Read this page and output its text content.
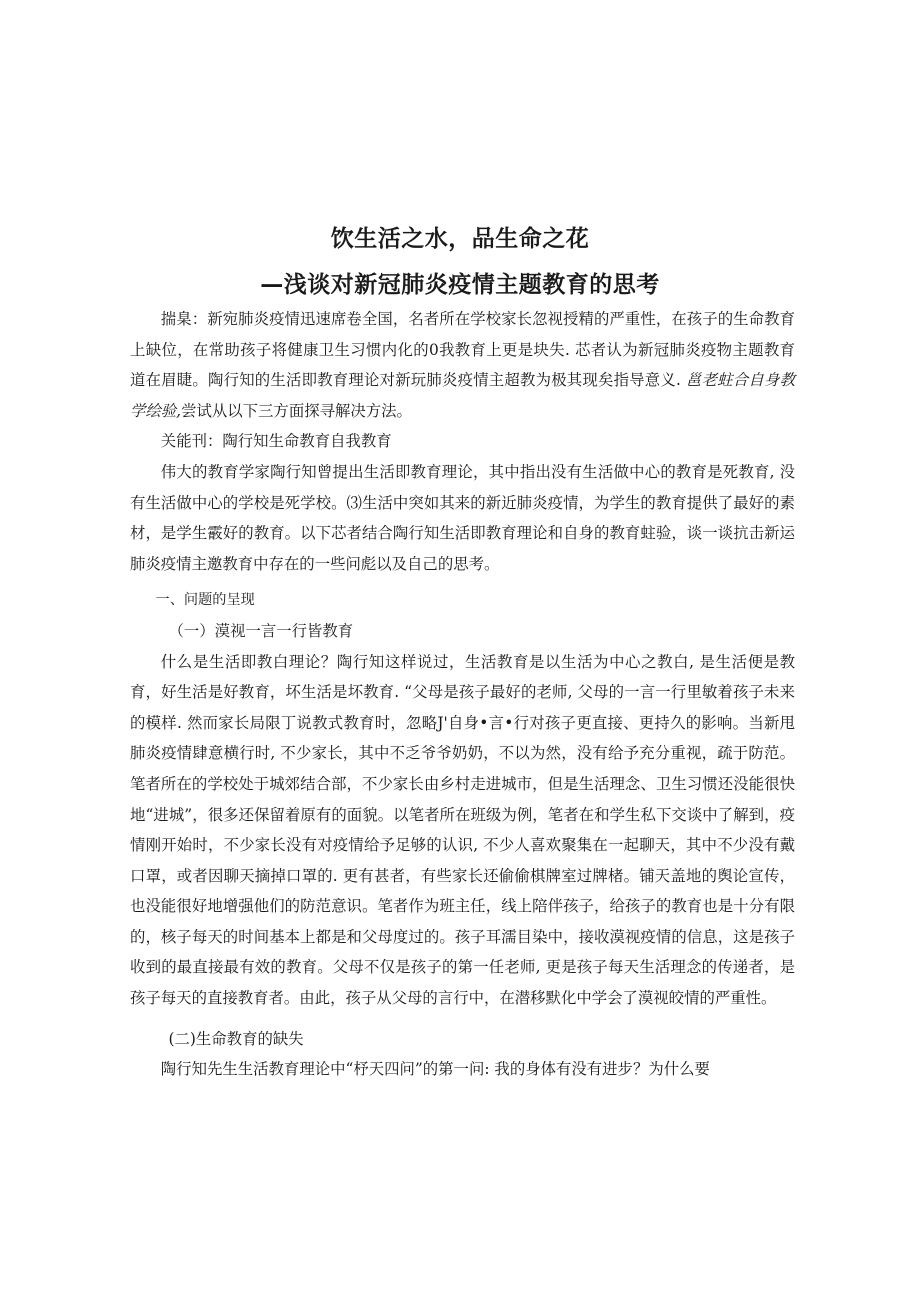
饮生活之水，品生命之花
—浅谈对新冠肺炎疫情主题教育的思考

揣臬：新宛肺炎疫情迅速席卷全国，名者所在学校家长忽视授精的严重性，在孩子的生命教育上缺位，在常助孩子将健康卫生习惯内化的0我教育上更是块失. 芯者认为新冠肺炎疫物主题教育道在眉睫。陶行知的生活即教育理论对新玩肺炎疫情主超教为极其现矣指导意义. 邕老蛀合自身教学绘验,尝试从以下三方面探寻解决方法。

关能刊：陶行知生命教育自我教育

伟大的教育学家陶行知曾提出生活即教育理论，其中指出没有生活做中心的教育是死教育, 没有生活做中心的学校是死学校。⑶生活中突如其来的新近肺炎疫情，为学生的教育提供了最好的素材，是学生霰好的教育。以下芯者结合陶行知生活即教育理论和自身的教育蛀验，谈一谈抗击新运肺炎疫情主邀教育中存在的一些问彪以及自己的思考。

一、问题的呈现

（一）漠视一言一行皆教育

什么是生活即教白理论？陶行知这样说过，生活教育是以生活为中心之教白, 是生活便是教育，好生活是好教育，坏生活是坏教育. “父母是孩子最好的老师, 父母的一言一行里敏着孩子未来的模样. 然而家长局限丁说教式教育时，忽略J'自身•言•行对孩子更直接、更持久的影响。当新甩肺炎疫情肆意横行时, 不少家长，其中不乏爷爷奶奶，不以为然，没有给予充分重视，疏于防范。笔者所在的学校处于城郊结合部，不少家长由乡村走进城市，但是生活理念、卫生习惯还没能很快地“进城”，很多还保留着原有的面貌。以笔者所在班级为例，笔者在和学生私下交谈中了解到，疫情刚开始时，不少家长没有对疫情给予足够的认识, 不少人喜欢聚集在一起聊天，其中不少没有戴口罩，或者因聊天摘掉口罩的. 更有甚者，有些家长还偷偷棋牌室过牌楮。铺天盖地的舆论宣传，也没能很好地增强他们的防范意识。笔者作为班主任，线上陪伴孩子，给孩子的教育也是十分有限的，核子每天的时间基本上都是和父母度过的。孩子耳濡目染中，接收漠视疫情的信息，这是孩子收到的最直接最有效的教育。父母不仅是孩子的第一任老师, 更是孩子每天生活理念的传递者，是孩子每天的直接教育者。由此，孩子从父母的言行中，在潜移默化中学会了漠视皎情的严重性。

(二)生命教育的缺失

陶行知先生生活教育理论中“杼天四问”的第一问: 我的身体有没有进步？为什么要
